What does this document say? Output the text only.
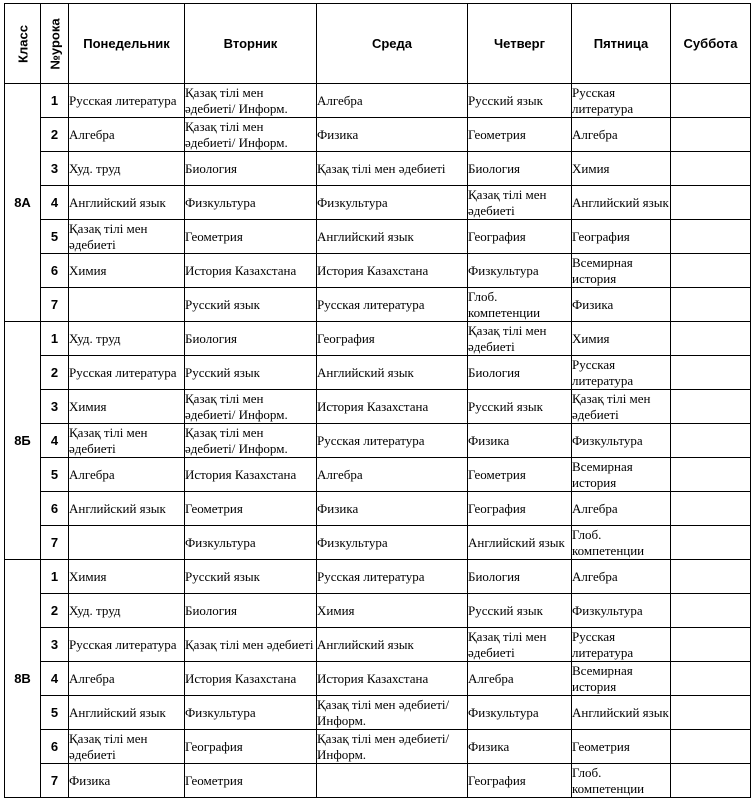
Класс	№урока	Понедельник	Вторник	Среда	Четверг	Пятница	Суббота
8А	1	Русская литература	Қазақ тілі мен әдебиеті/ Информ.	Алгебра	Русский язык	Русская литература	
	2	Алгебра	Қазақ тілі мен әдебиеті/ Информ.	Физика	Геометрия	Алгебра	
	3	Худ. труд	Биология	Қазақ тілі мен әдебиеті	Биология	Химия	
	4	Английский язык	Физкультура	Физкультура	Қазақ тілі мен әдебиеті	Английский язык	
	5	Қазақ тілі мен әдебиеті	Геометрия	Английский язык	География	География	
	6	Химия	История Казахстана	История Казахстана	Физкультура	Всемирная история	
	7		Русский язык	Русская литература	Глоб. компетенции	Физика	
8Б	1	Худ. труд	Биология	География	Қазақ тілі мен әдебиеті	Химия	
	2	Русская литература	Русский язык	Английский язык	Биология	Русская литература	
	3	Химия	Қазақ тілі мен әдебиеті/ Информ.	История Казахстана	Русский язык	Қазақ тілі мен әдебиеті	
	4	Қазақ тілі мен әдебиеті	Қазақ тілі мен әдебиеті/ Информ.	Русская литература	Физика	Физкультура	
	5	Алгебра	История Казахстана	Алгебра	Геометрия	Всемирная история	
	6	Английский язык	Геометрия	Физика	География	Алгебра	
	7		Физкультура	Физкультура	Английский язык	Глоб. компетенции	
8В	1	Химия	Русский язык	Русская литература	Биология	Алгебра	
	2	Худ. труд	Биология	Химия	Русский язык	Физкультура	
	3	Русская литература	Қазақ тілі мен әдебиеті	Английский язык	Қазақ тілі мен әдебиеті	Русская литература	
	4	Алгебра	История Казахстана	История Казахстана	Алгебра	Всемирная история	
	5	Английский язык	Физкультура	Қазақ тілі мен әдебиеті/ Информ.	Физкультура	Английский язык	
	6	Қазақ тілі мен әдебиеті	География	Қазақ тілі мен әдебиеті/ Информ.	Физика	Геометрия	
	7	Физика	Геометрия		География	Глоб. компетенции	
